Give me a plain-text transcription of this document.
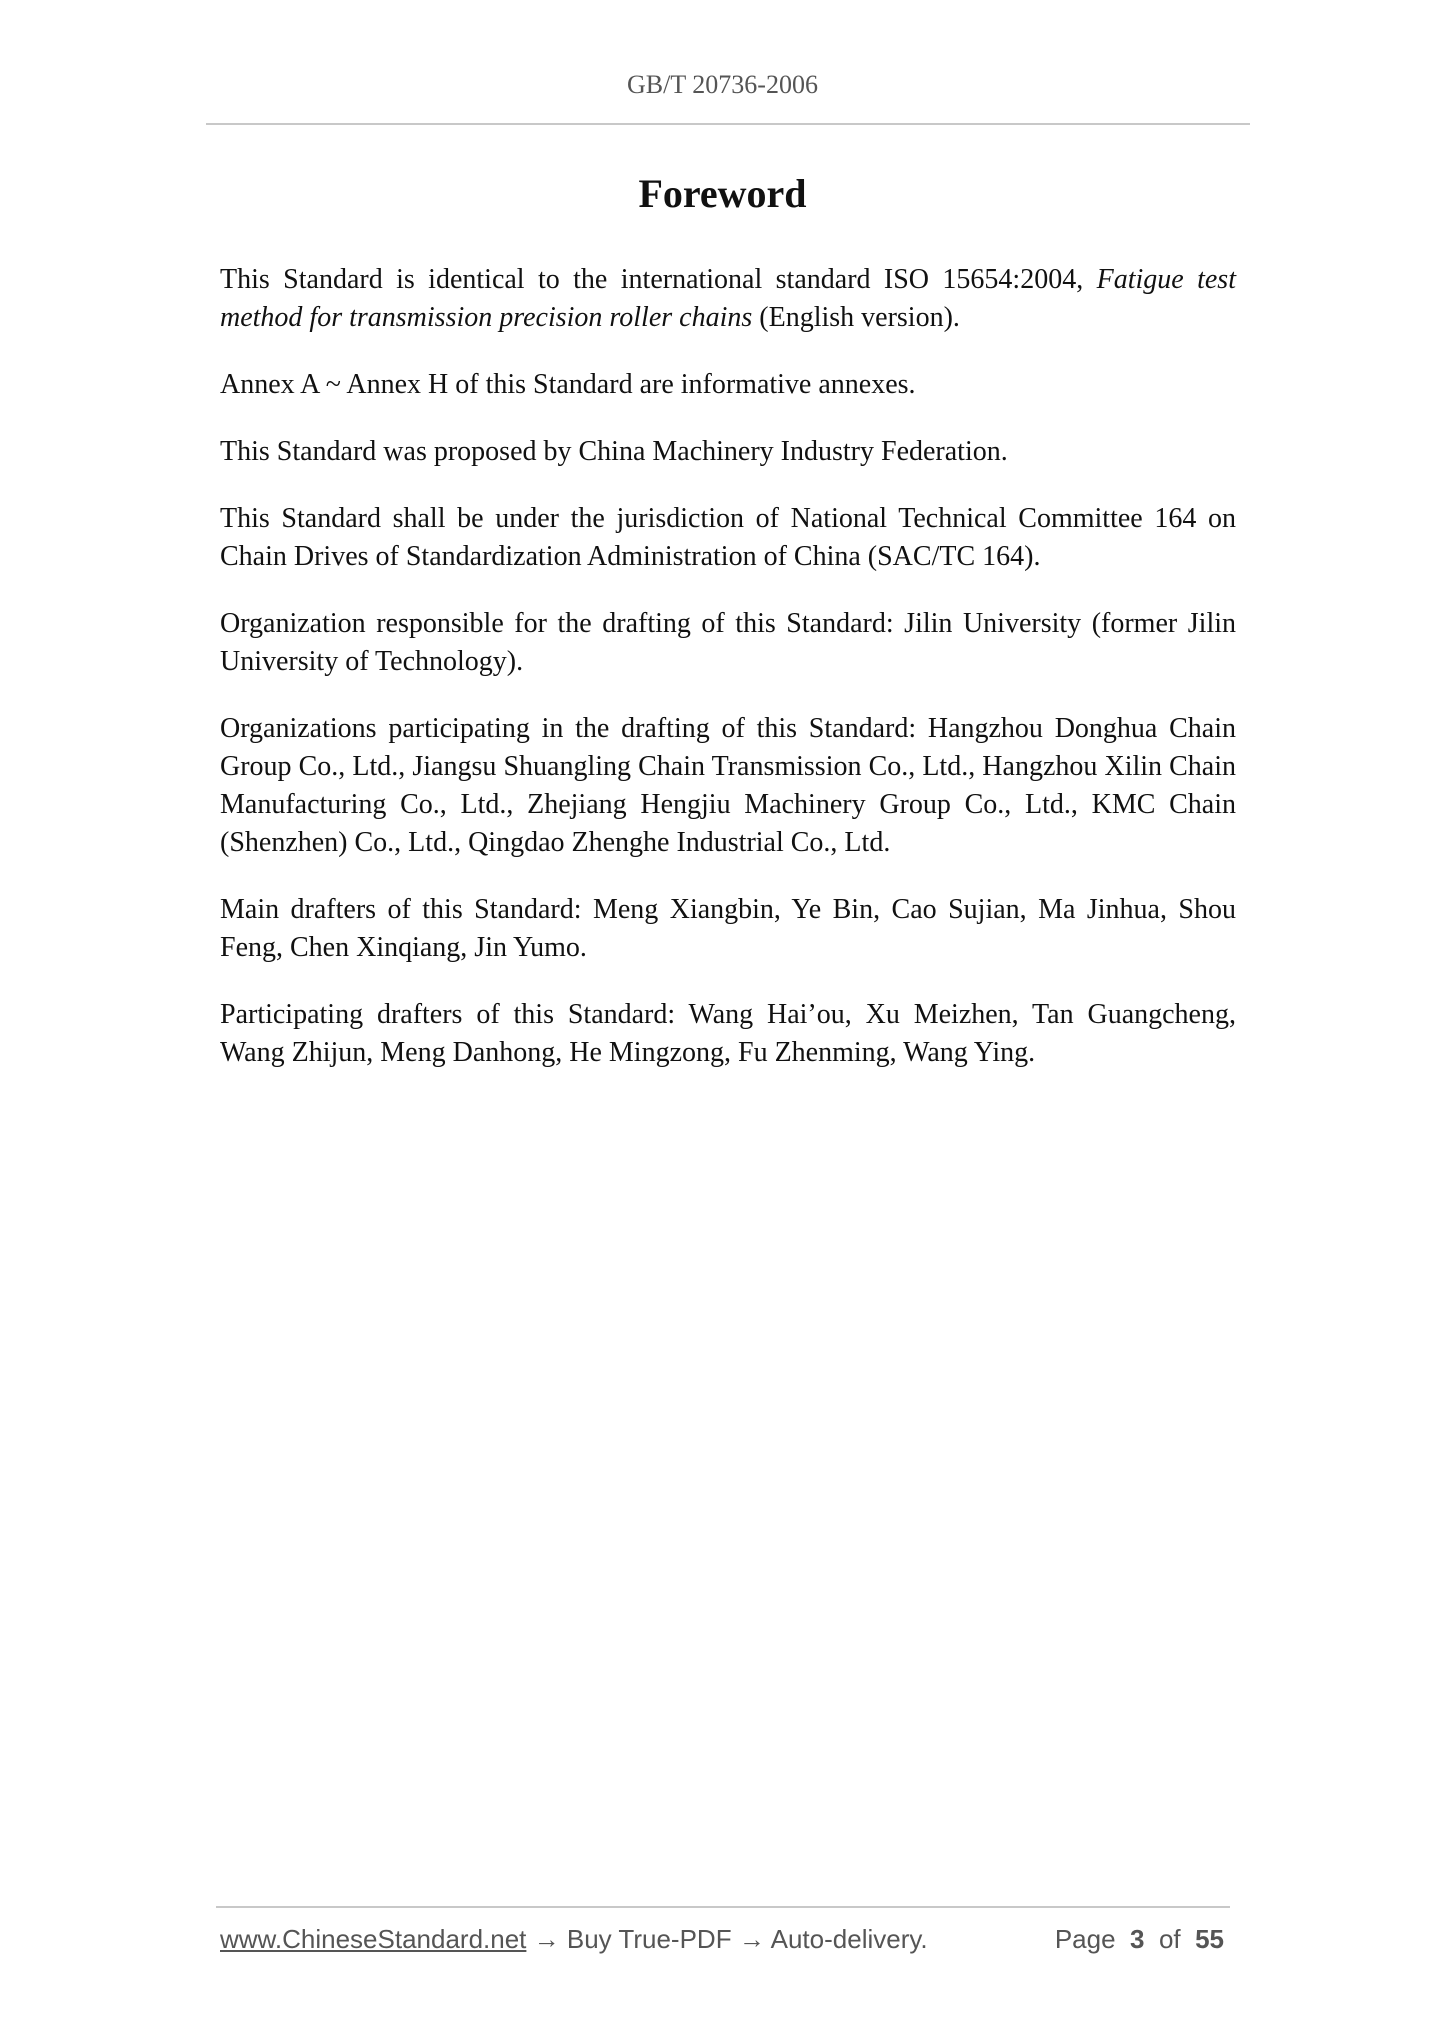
GB/T 20736-2006
Foreword

This Standard is identical to the international standard ISO 15654:2004, Fatigue test method for transmission precision roller chains (English version).

Annex A ~ Annex H of this Standard are informative annexes.

This Standard was proposed by China Machinery Industry Federation.

This Standard shall be under the jurisdiction of National Technical Committee 164 on Chain Drives of Standardization Administration of China (SAC/TC 164).

Organization responsible for the drafting of this Standard: Jilin University (former Jilin University of Technology).

Organizations participating in the drafting of this Standard: Hangzhou Donghua Chain Group Co., Ltd., Jiangsu Shuangling Chain Transmission Co., Ltd., Hangzhou Xilin Chain Manufacturing Co., Ltd., Zhejiang Hengjiu Machinery Group Co., Ltd., KMC Chain (Shenzhen) Co., Ltd., Qingdao Zhenghe Industrial Co., Ltd.

Main drafters of this Standard: Meng Xiangbin, Ye Bin, Cao Sujian, Ma Jinhua, Shou Feng, Chen Xinqiang, Jin Yumo.

Participating drafters of this Standard: Wang Hai’ou, Xu Meizhen, Tan Guangcheng, Wang Zhijun, Meng Danhong, He Mingzong, Fu Zhenming, Wang Ying.

www.ChineseStandard.net → Buy True-PDF → Auto-delivery.	Page 3 of 55
